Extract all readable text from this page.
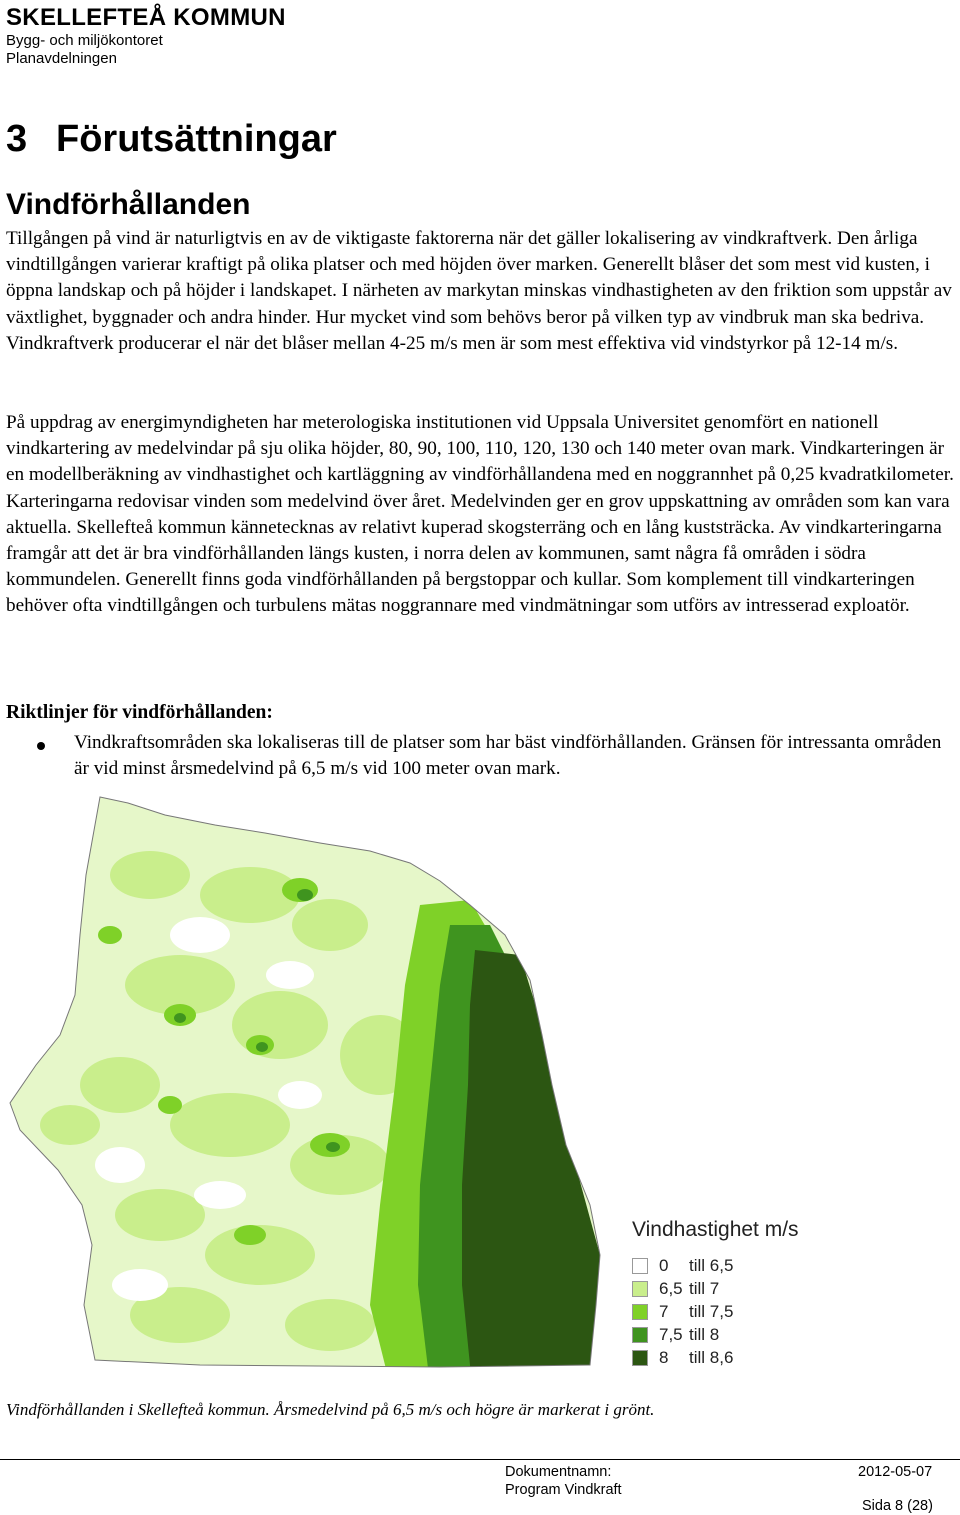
SKELLEFTEÅ KOMMUN
Bygg- och miljökontoret
Planavdelningen
3 Förutsättningar
Vindförhållanden

Tillgången på vind är naturligtvis en av de viktigaste faktorerna när det gäller lokalisering av vindkraftverk. Den årliga vindtillgången varierar kraftigt på olika platser och med höjden över marken. Generellt blåser det som mest vid kusten, i öppna landskap och på höjder i landskapet. I närheten av markytan minskas vindhastigheten av den friktion som uppstår av växtlighet, byggnader och andra hinder. Hur mycket vind som behövs beror på vilken typ av vindbruk man ska bedriva. Vindkraftverk producerar el när det blåser mellan 4-25 m/s men är som mest effektiva vid vindstyrkor på 12-14 m/s.

På uppdrag av energimyndigheten har meterologiska institutionen vid Uppsala Universitet genomfört en nationell vindkartering av medelvindar på sju olika höjder, 80, 90, 100, 110, 120, 130 och 140 meter ovan mark. Vindkarteringen är en modellberäkning av vindhastighet och kartläggning av vindförhållandena med en noggrannhet på 0,25 kvadratkilometer. Karteringarna redovisar vinden som medelvind över året. Medelvinden ger en grov uppskattning av områden som kan vara aktuella. Skellefteå kommun kännetecknas av relativt kuperad skogsterräng och en lång kuststräcka. Av vindkarteringarna framgår att det är bra vindförhållanden längs kusten, i norra delen av kommunen, samt några få områden i södra kommundelen. Generellt finns goda vindförhållanden på bergstoppar och kullar. Som komplement till vindkarteringen behöver ofta vindtillgången och turbulens mätas noggrannare med vindmätningar som utförs av intresserad exploatör.

Riktlinjer för vindförhållanden:
Vindkraftsområden ska lokaliseras till de platser som har bäst vindförhållanden. Gränsen för intressanta områden är vid minst årsmedelvind på 6,5 m/s vid 100 meter ovan mark.
Vindhastighet m/s
0	till 6,5
6,5 till 7
7	till 7,5
7,5 till 8
8	till 8,6
Vindförhållanden i Skellefteå kommun. Årsmedelvind på 6,5 m/s och högre är markerat i grönt.
Dokumentnamn:
Program Vindkraft
2012-05-07
Sida 8 (28)
